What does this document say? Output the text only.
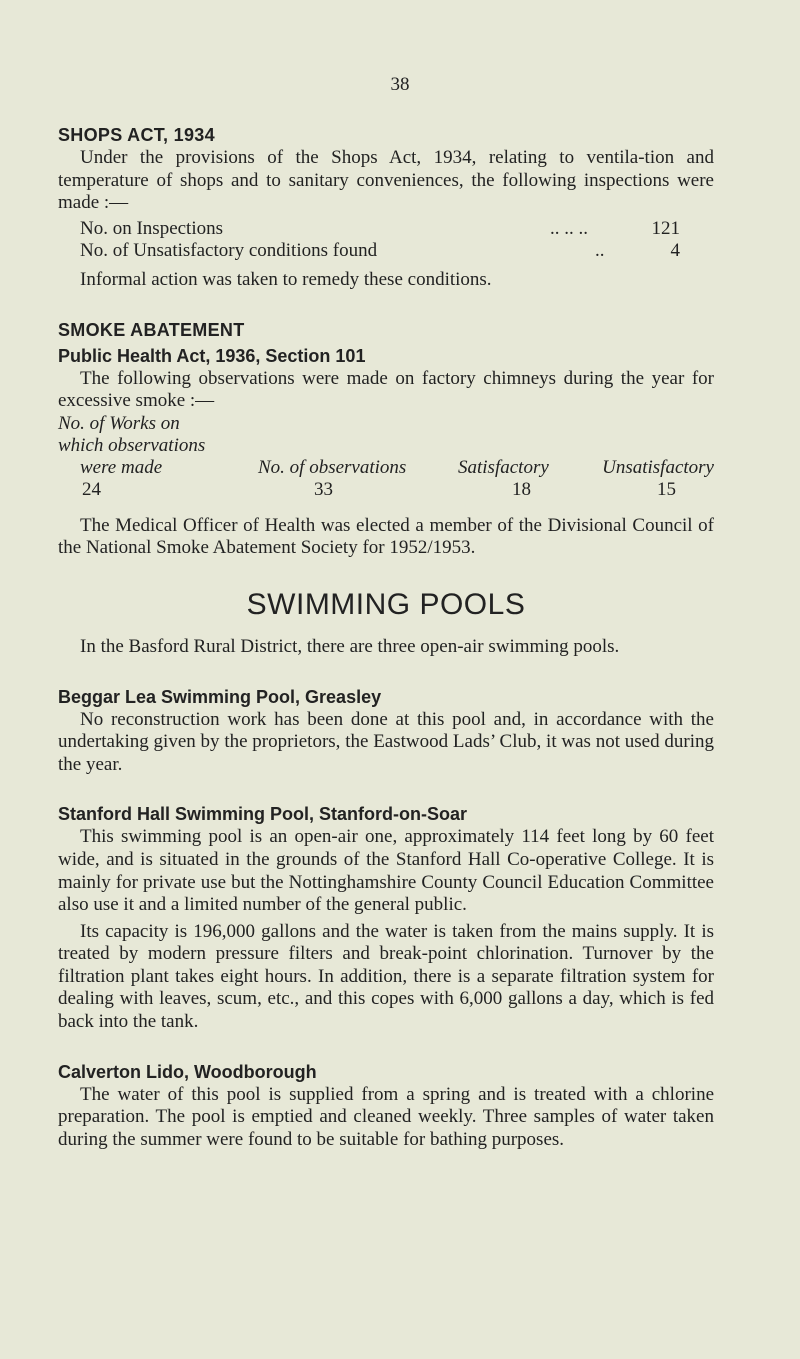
38
SHOPS ACT, 1934

Under the provisions of the Shops Act, 1934, relating to ventila-tion and temperature of shops and to sanitary conveniences, the following inspections were made :—

No. on Inspections	.. .. ..	121
No. of Unsatisfactory conditions found	..	4

Informal action was taken to remedy these conditions.

SMOKE ABATEMENT
Public Health Act, 1936, Section 101

The following observations were made on factory chimneys during the year for excessive smoke :—

No. of Works on
which observations
were made	No. of observations	Satisfactory	Unsatisfactory
24	33	18	15

The Medical Officer of Health was elected a member of the Divisional Council of the National Smoke Abatement Society for 1952/1953.

SWIMMING POOLS

In the Basford Rural District, there are three open-air swimming pools.

Beggar Lea Swimming Pool, Greasley

No reconstruction work has been done at this pool and, in accordance with the undertaking given by the proprietors, the Eastwood Lads’ Club, it was not used during the year.

Stanford Hall Swimming Pool, Stanford-on-Soar

This swimming pool is an open-air one, approximately 114 feet long by 60 feet wide, and is situated in the grounds of the Stanford Hall Co-operative College. It is mainly for private use but the Nottinghamshire County Council Education Committee also use it and a limited number of the general public.

Its capacity is 196,000 gallons and the water is taken from the mains supply. It is treated by modern pressure filters and break-point chlorination. Turnover by the filtration plant takes eight hours. In addition, there is a separate filtration system for dealing with leaves, scum, etc., and this copes with 6,000 gallons a day, which is fed back into the tank.

Calverton Lido, Woodborough

The water of this pool is supplied from a spring and is treated with a chlorine preparation. The pool is emptied and cleaned weekly. Three samples of water taken during the summer were found to be suitable for bathing purposes.
